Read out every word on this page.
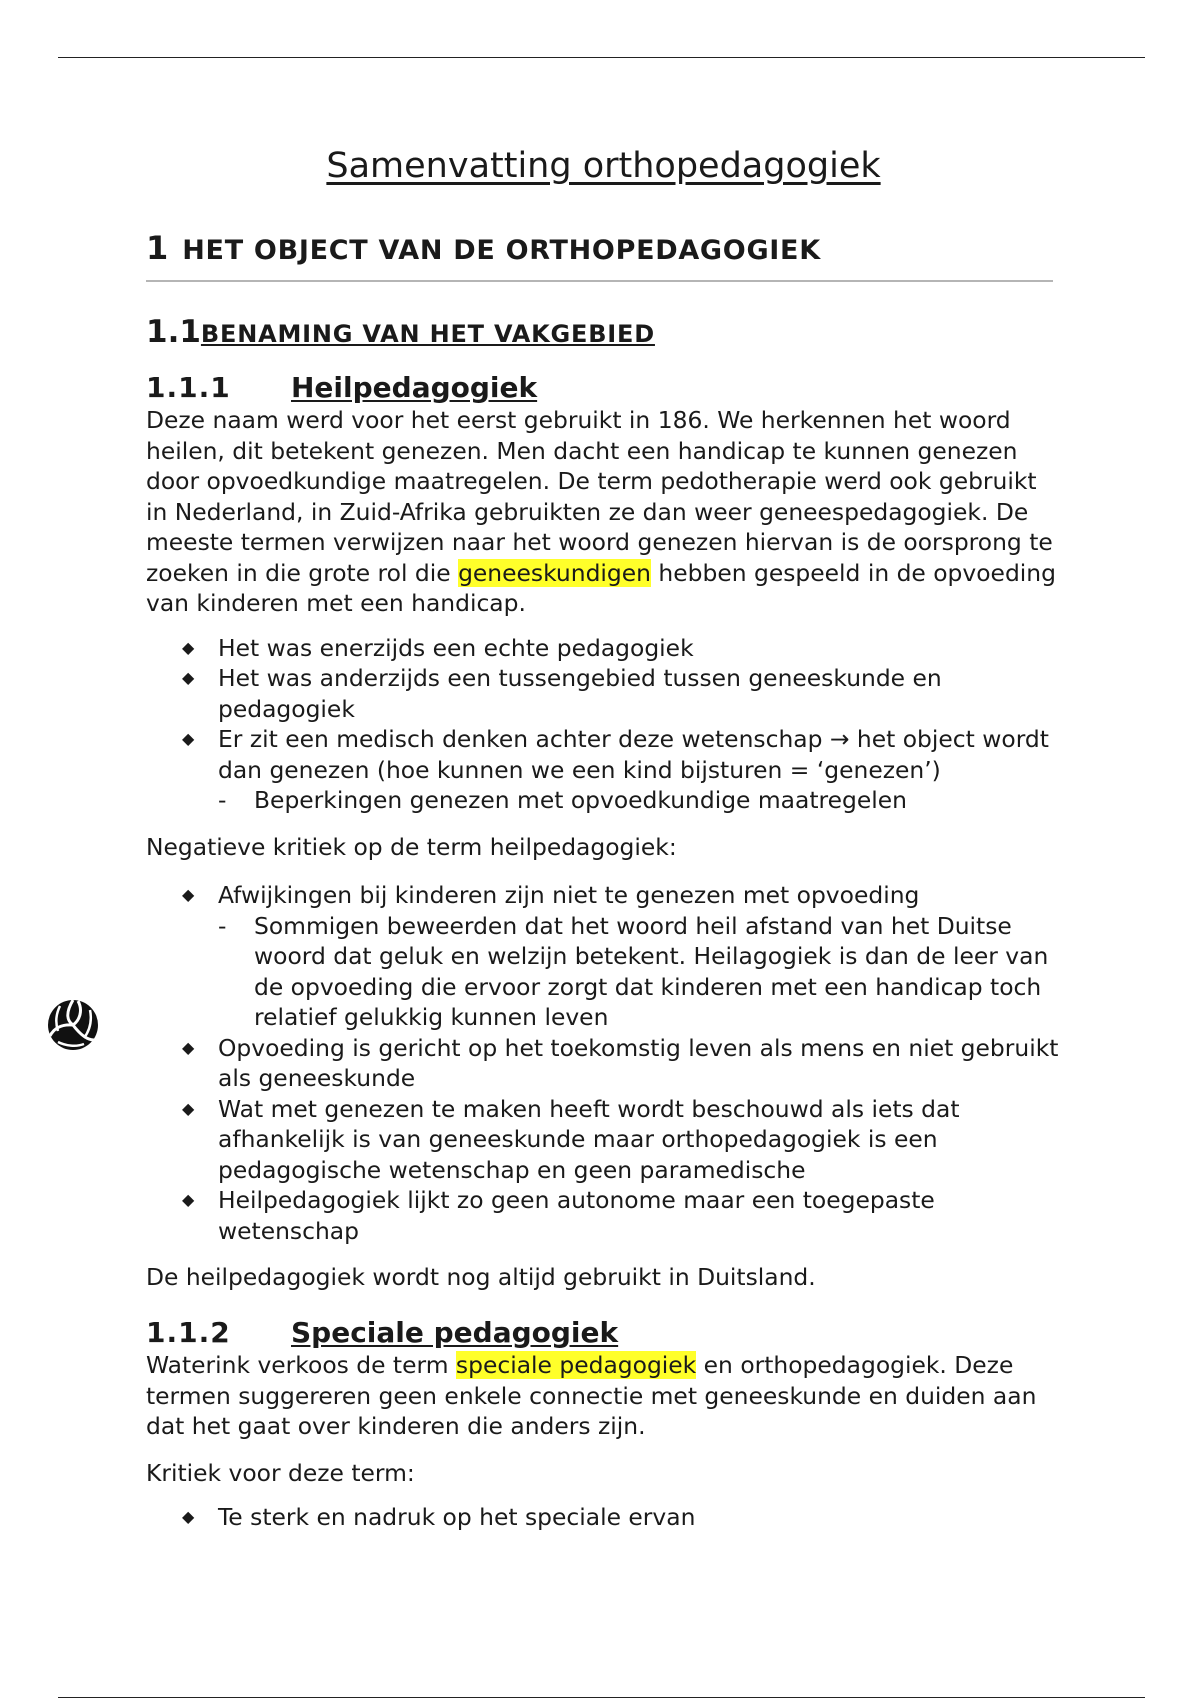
Samenvatting orthopedagogiek
1 HET OBJECT VAN DE ORTHOPEDAGOGIEK
1.1BENAMING VAN HET VAKGEBIED
1.1.1	Heilpedagogiek

Deze naam werd voor het eerst gebruikt in 186. We herkennen het woord heilen, dit betekent genezen. Men dacht een handicap te kunnen genezen door opvoedkundige maatregelen. De term pedotherapie werd ook gebruikt in Nederland, in Zuid-Afrika gebruikten ze dan weer geneespedagogiek. De meeste termen verwijzen naar het woord genezen hiervan is de oorsprong te zoeken in die grote rol die geneeskundigen hebben gespeeld in de opvoeding van kinderen met een handicap.

◆ Het was enerzijds een echte pedagogiek
◆ Het was anderzijds een tussengebied tussen geneeskunde en pedagogiek
◆ Er zit een medisch denken achter deze wetenschap → het object wordt dan genezen (hoe kunnen we een kind bijsturen = ‘genezen’)
- Beperkingen genezen met opvoedkundige maatregelen

Negatieve kritiek op de term heilpedagogiek:

◆ Afwijkingen bij kinderen zijn niet te genezen met opvoeding
- Sommigen beweerden dat het woord heil afstand van het Duitse woord dat geluk en welzijn betekent. Heilagogiek is dan de leer van de opvoeding die ervoor zorgt dat kinderen met een handicap toch relatief gelukkig kunnen leven
◆ Opvoeding is gericht op het toekomstig leven als mens en niet gebruikt als geneeskunde
◆ Wat met genezen te maken heeft wordt beschouwd als iets dat afhankelijk is van geneeskunde maar orthopedagogiek is een pedagogische wetenschap en geen paramedische
◆ Heilpedagogiek lijkt zo geen autonome maar een toegepaste wetenschap

De heilpedagogiek wordt nog altijd gebruikt in Duitsland.

1.1.2	Speciale pedagogiek

Waterink verkoos de term speciale pedagogiek en orthopedagogiek. Deze termen suggereren geen enkele connectie met geneeskunde en duiden aan dat het gaat over kinderen die anders zijn.

Kritiek voor deze term:

◆ Te sterk en nadruk op het speciale ervan
